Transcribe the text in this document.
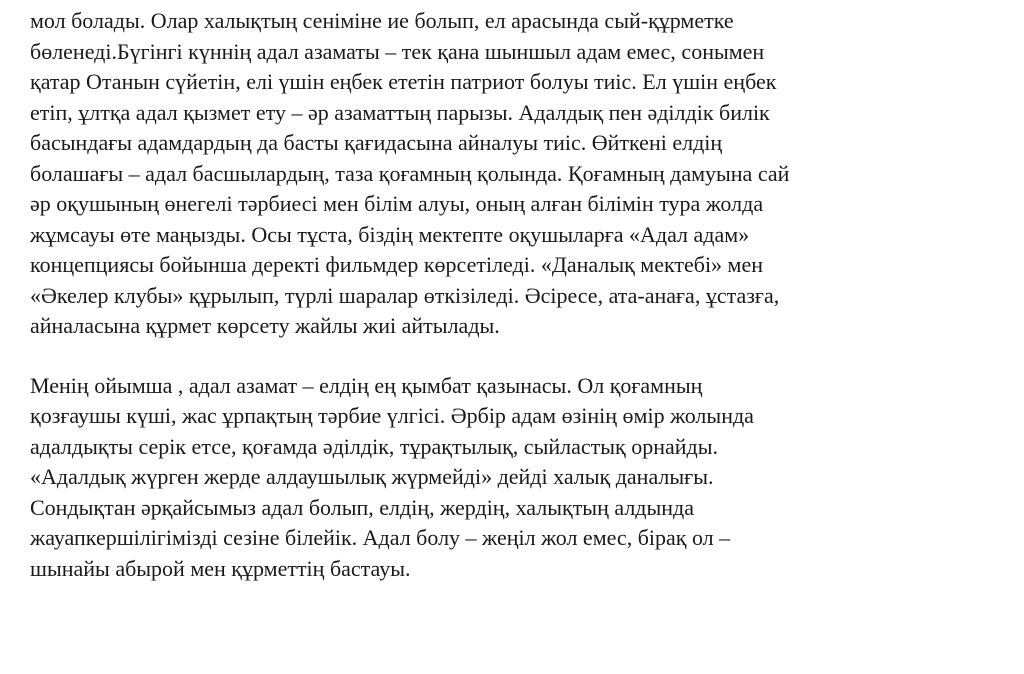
мол болады. Олар халықтың сеніміне ие болып, ел арасында сый-құрметке
бөленеді.Бүгінгі күннің адал азаматы – тек қана шыншыл адам емес, сонымен
қатар Отанын сүйетін, елі үшін еңбек ететін патриот болуы тиіс. Ел үшін еңбек
етіп, ұлтқа адал қызмет ету – әр азаматтың парызы. Адалдық пен әділдік билік
басындағы адамдардың да басты қағидасына айналуы тиіс. Өйткені елдің
болашағы – адал басшылардың, таза қоғамның қолында. Қоғамның дамуына сай
әр оқушының өнегелі тәрбиесі мен білім алуы, оның алған білімін тура жолда
жұмсауы өте маңызды. Осы тұста, біздің мектепте оқушыларға «Адал адам»
концепциясы бойынша деректі фильмдер көрсетіледі. «Даналық мектебі» мен
«Әкелер клубы» құрылып, түрлі шаралар өткізіледі. Әсіресе, ата-анаға, ұстазға,
айналасына құрмет көрсету жайлы жиі айтылады.

Менің ойымша , адал азамат – елдің ең қымбат қазынасы. Ол қоғамның
қозғаушы күші, жас ұрпақтың тәрбие үлгісі. Әрбір адам өзінің өмір жолында
адалдықты серік етсе, қоғамда әділдік, тұрақтылық, сыйластық орнайды.
«Адалдық жүрген жерде алдаушылық жүрмейді» дейді халық даналығы.
Сондықтан әрқайсымыз адал болып, елдің, жердің, халықтың алдында
жауапкершілігімізді сезіне білейік. Адал болу – жеңіл жол емес, бірақ ол –
шынайы абырой мен құрметтің бастауы.
